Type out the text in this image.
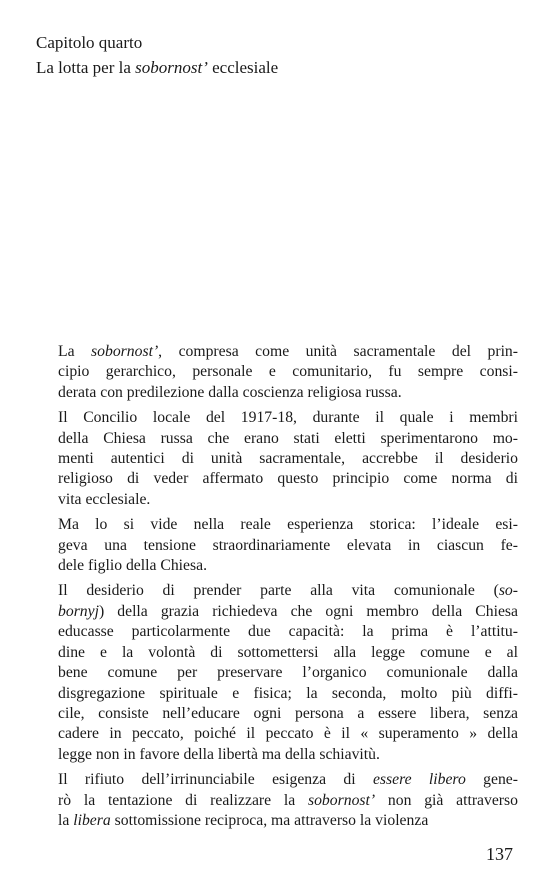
Capitolo quarto
La lotta per la sobornost’ ecclesiale
La sobornost’, compresa come unità sacramentale del prin-
cipio gerarchico, personale e comunitario, fu sempre consi-
derata con predilezione dalla coscienza religiosa russa.
Il Concilio locale del 1917-18, durante il quale i membri
della Chiesa russa che erano stati eletti sperimentarono mo-
menti autentici di unità sacramentale, accrebbe il desiderio
religioso di veder affermato questo principio come norma di
vita ecclesiale.
Ma lo si vide nella reale esperienza storica: l’ideale esi-
geva una tensione straordinariamente elevata in ciascun fe-
dele figlio della Chiesa.
Il desiderio di prender parte alla vita comunionale (so-
bornyj) della grazia richiedeva che ogni membro della Chiesa
educasse particolarmente due capacità: la prima è l’attitu-
dine e la volontà di sottomettersi alla legge comune e al
bene comune per preservare l’organico comunionale dalla
disgregazione spirituale e fisica; la seconda, molto più diffi-
cile, consiste nell’educare ogni persona a essere libera, senza
cadere in peccato, poiché il peccato è il « superamento » della
legge non in favore della libertà ma della schiavitù.
Il rifiuto dell’irrinunciabile esigenza di essere libero gene-
rò la tentazione di realizzare la sobornost’ non già attraverso
la libera sottomissione reciproca, ma attraverso la violenza
137
